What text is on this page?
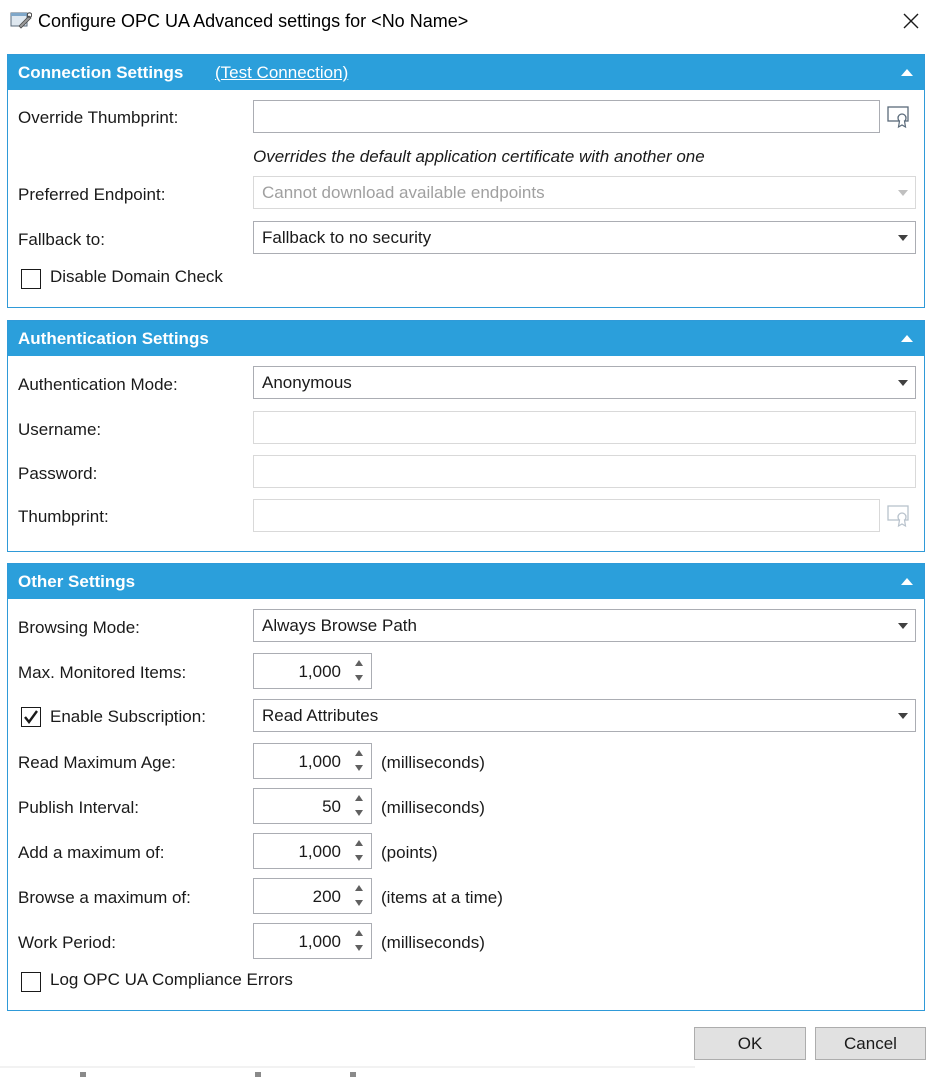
Configure OPC UA Advanced settings for <No Name>
Connection Settings (Test Connection)
Override Thumbprint:
Overrides the default application certificate with another one
Preferred Endpoint:	Cannot download available endpoints
Fallback to:	Fallback to no security
Disable Domain Check
Authentication Settings
Authentication Mode:	Anonymous
Username:
Password:
Thumbprint:
Other Settings
Browsing Mode:	Always Browse Path
Max. Monitored Items:	1,000
Enable Subscription:	Read Attributes
Read Maximum Age:	1,000 (milliseconds)
Publish Interval:	50 (milliseconds)
Add a maximum of:	1,000 (points)
Browse a maximum of:	200 (items at a time)
Work Period:	1,000 (milliseconds)
Log OPC UA Compliance Errors
OK	Cancel
